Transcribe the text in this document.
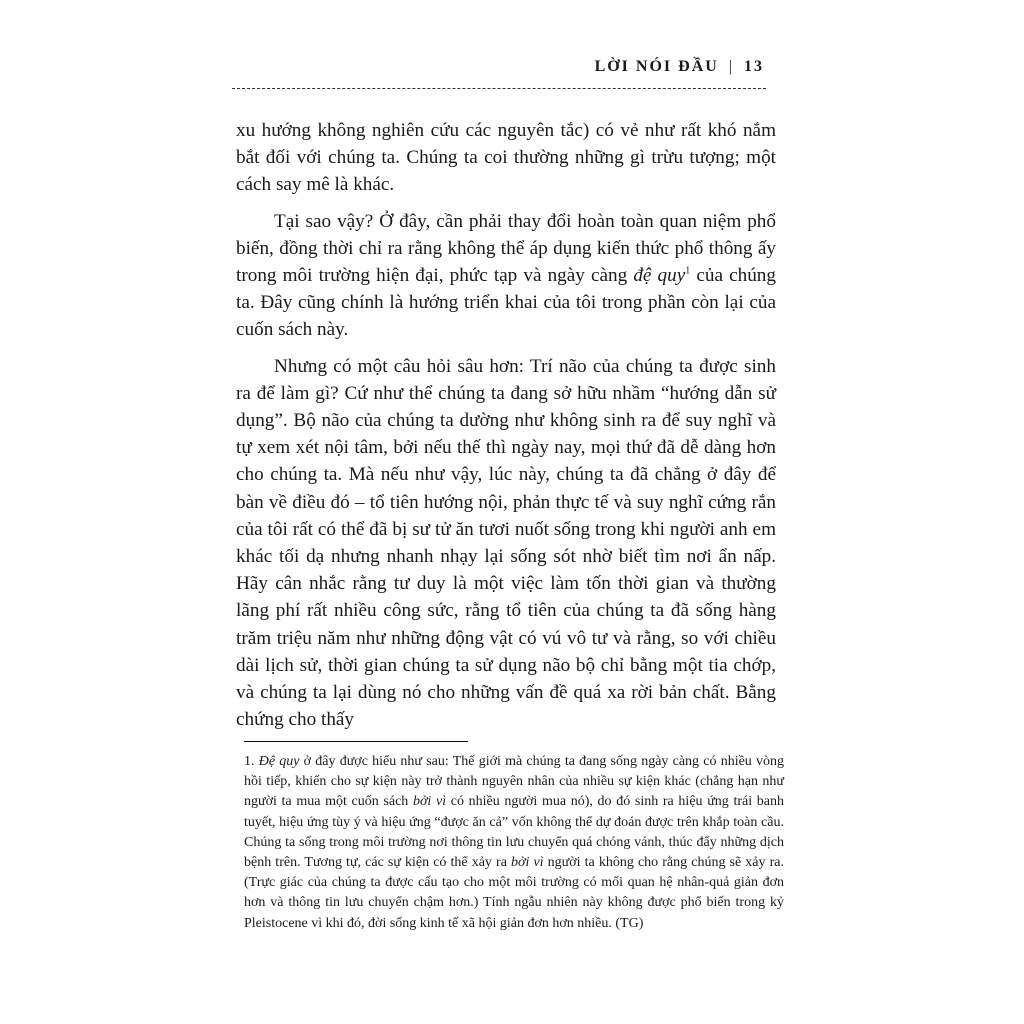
LỜI NÓI ĐẦU | 13

xu hướng không nghiên cứu các nguyên tắc) có vẻ như rất khó nắm bắt đối với chúng ta. Chúng ta coi thường những gì trừu tượng; một cách say mê là khác.

Tại sao vậy? Ở đây, cần phải thay đổi hoàn toàn quan niệm phổ biến, đồng thời chỉ ra rằng không thể áp dụng kiến thức phổ thông ấy trong môi trường hiện đại, phức tạp và ngày càng đệ quy$^1$ của chúng ta. Đây cũng chính là hướng triển khai của tôi trong phần còn lại của cuốn sách này.

Nhưng có một câu hỏi sâu hơn: Trí não của chúng ta được sinh ra để làm gì? Cứ như thể chúng ta đang sở hữu nhầm “hướng dẫn sử dụng”. Bộ não của chúng ta dường như không sinh ra để suy nghĩ và tự xem xét nội tâm, bởi nếu thế thì ngày nay, mọi thứ đã dễ dàng hơn cho chúng ta. Mà nếu như vậy, lúc này, chúng ta đã chẳng ở đây để bàn về điều đó – tổ tiên hướng nội, phản thực tế và suy nghĩ cứng rắn của tôi rất có thể đã bị sư tử ăn tươi nuốt sống trong khi người anh em khác tối dạ nhưng nhanh nhạy lại sống sót nhờ biết tìm nơi ẩn nấp. Hãy cân nhắc rằng tư duy là một việc làm tốn thời gian và thường lãng phí rất nhiều công sức, rằng tổ tiên của chúng ta đã sống hàng trăm triệu năm như những động vật có vú vô tư và rằng, so với chiều dài lịch sử, thời gian chúng ta sử dụng não bộ chỉ bằng một tia chớp, và chúng ta lại dùng nó cho những vấn đề quá xa rời bản chất. Bằng chứng cho thấy

1. Đệ quy ở đây được hiểu như sau: Thế giới mà chúng ta đang sống ngày càng có nhiều vòng hồi tiếp, khiến cho sự kiện này trở thành nguyên nhân của nhiều sự kiện khác (chẳng hạn như người ta mua một cuốn sách bởi vì có nhiều người mua nó), do đó sinh ra hiệu ứng trái banh tuyết, hiệu ứng tùy ý và hiệu ứng “được ăn cả” vốn không thể dự đoán được trên khắp toàn cầu. Chúng ta sống trong môi trường nơi thông tin lưu chuyển quá chóng vánh, thúc đẩy những dịch bệnh trên. Tương tự, các sự kiện có thể xảy ra bởi vì người ta không cho rằng chúng sẽ xảy ra. (Trực giác của chúng ta được cấu tạo cho một môi trường có mối quan hệ nhân-quả giản đơn hơn và thông tin lưu chuyển chậm hơn.) Tính ngẫu nhiên này không được phổ biến trong kỷ Pleistocene vì khi đó, đời sống kinh tế xã hội giản đơn hơn nhiều. (TG)
